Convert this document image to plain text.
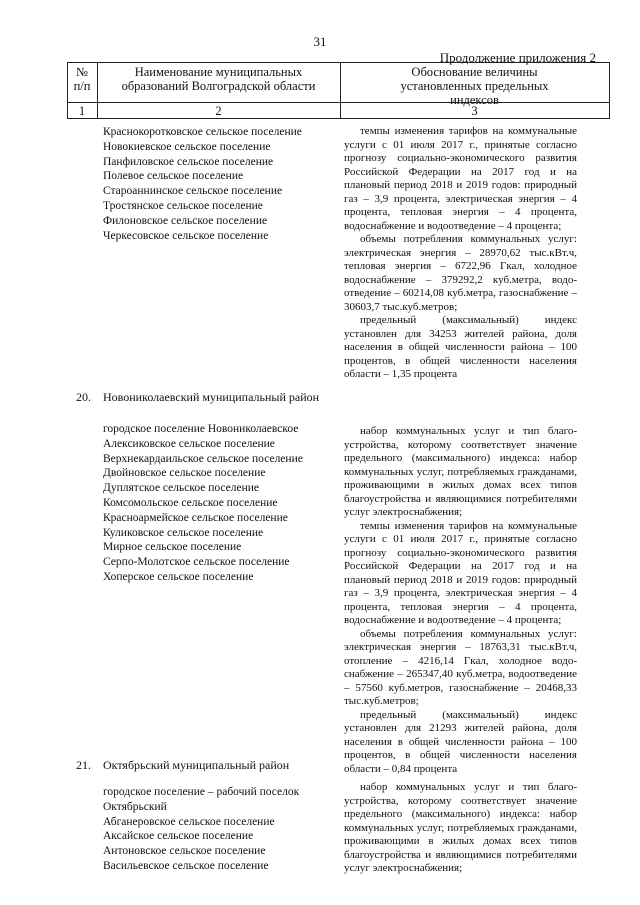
31
Продолжение приложения 2
№
п/п
Наименование муниципальных
образований Волгоградской области
Обоснование величины
установленных предельных
индексов
1	2	3
Краснокоротковское сельское поселение
Новокиевское сельское поселение
Панфиловское сельское поселение
Полевое сельское поселение
Староаннинское сельское поселение
Тростянское сельское поселение
Филоновское сельское поселение
Черкесовское сельское поселение

темпы изменения тарифов на коммунальные услуги с 01 июля 2017 г., принятые согласно прогнозу социально-экономического развития Российской Федерации на 2017 год и на плановый период 2018 и 2019 годов: природный газ – 3,9 процента, электрическая энергия – 4 процента, тепловая энергия – 4 процента, водоснабжение и водоотведение – 4 процента;

объемы потребления коммунальных услуг: электрическая энергия – 28970,62 тыс.кВт.ч, тепловая энергия – 6722,96 Гкал, холодное водоснабжение – 379292,2 куб.метра, водоотведение – 60214,08 куб.метра, газоснабжение – 30603,7 тыс.куб.метров;

предельный (максимальный) индекс установлен для 34253 жителей района, доля населения в общей численности района – 100 процентов, в общей численности населения области – 1,35 процента

20. Новониколаевский муниципальный район
городское поселение Новониколаевское
Алексиковское сельское поселение
Верхнекардаильское сельское поселение
Двойновское сельское поселение
Дуплятское сельское поселение
Комсомольское сельское поселение
Красноармейское сельское поселение
Куликовское сельское поселение
Мирное сельское поселение
Серпо-Молотское сельское поселение
Хоперское сельское поселение

набор коммунальных услуг и тип благоустройства, которому соответствует значение предельного (максимального) индекса: набор коммунальных услуг, потребляемых гражданами, проживающими в жилых домах всех типов благоустройства и являющимися потребителями услуг электроснабжения;

темпы изменения тарифов на коммунальные услуги с 01 июля 2017 г., принятые согласно прогнозу социально-экономического развития Российской Федерации на 2017 год и на плановый период 2018 и 2019 годов: природный газ – 3,9 процента, электрическая энергия – 4 процента, тепловая энергия – 4 процента, водоснабжение и водоотведение – 4 процента;

объемы потребления коммунальных услуг: электрическая энергия – 18763,31 тыс.кВт.ч, отопление – 4216,14 Гкал, холодное водоснабжение – 265347,40 куб.метра, водоотведение – 57560 куб.метров, газоснабжение – 20468,33 тыс.куб.метров;

предельный (максимальный) индекс установлен для 21293 жителей района, доля населения в общей численности района – 100 процентов, в общей численности населения области – 0,84 процента

21. Октябрьский муниципальный район
городское поселение – рабочий поселок Октябрьский
Абганеровское сельское поселение
Аксайское сельское поселение
Антоновское сельское поселение
Васильевское сельское поселение

набор коммунальных услуг и тип благоустройства, которому соответствует значение предельного (максимального) индекса: набор коммунальных услуг, потребляемых гражданами, проживающими в жилых домах всех типов благоустройства и являющимися потребителями услуг электроснабжения;
